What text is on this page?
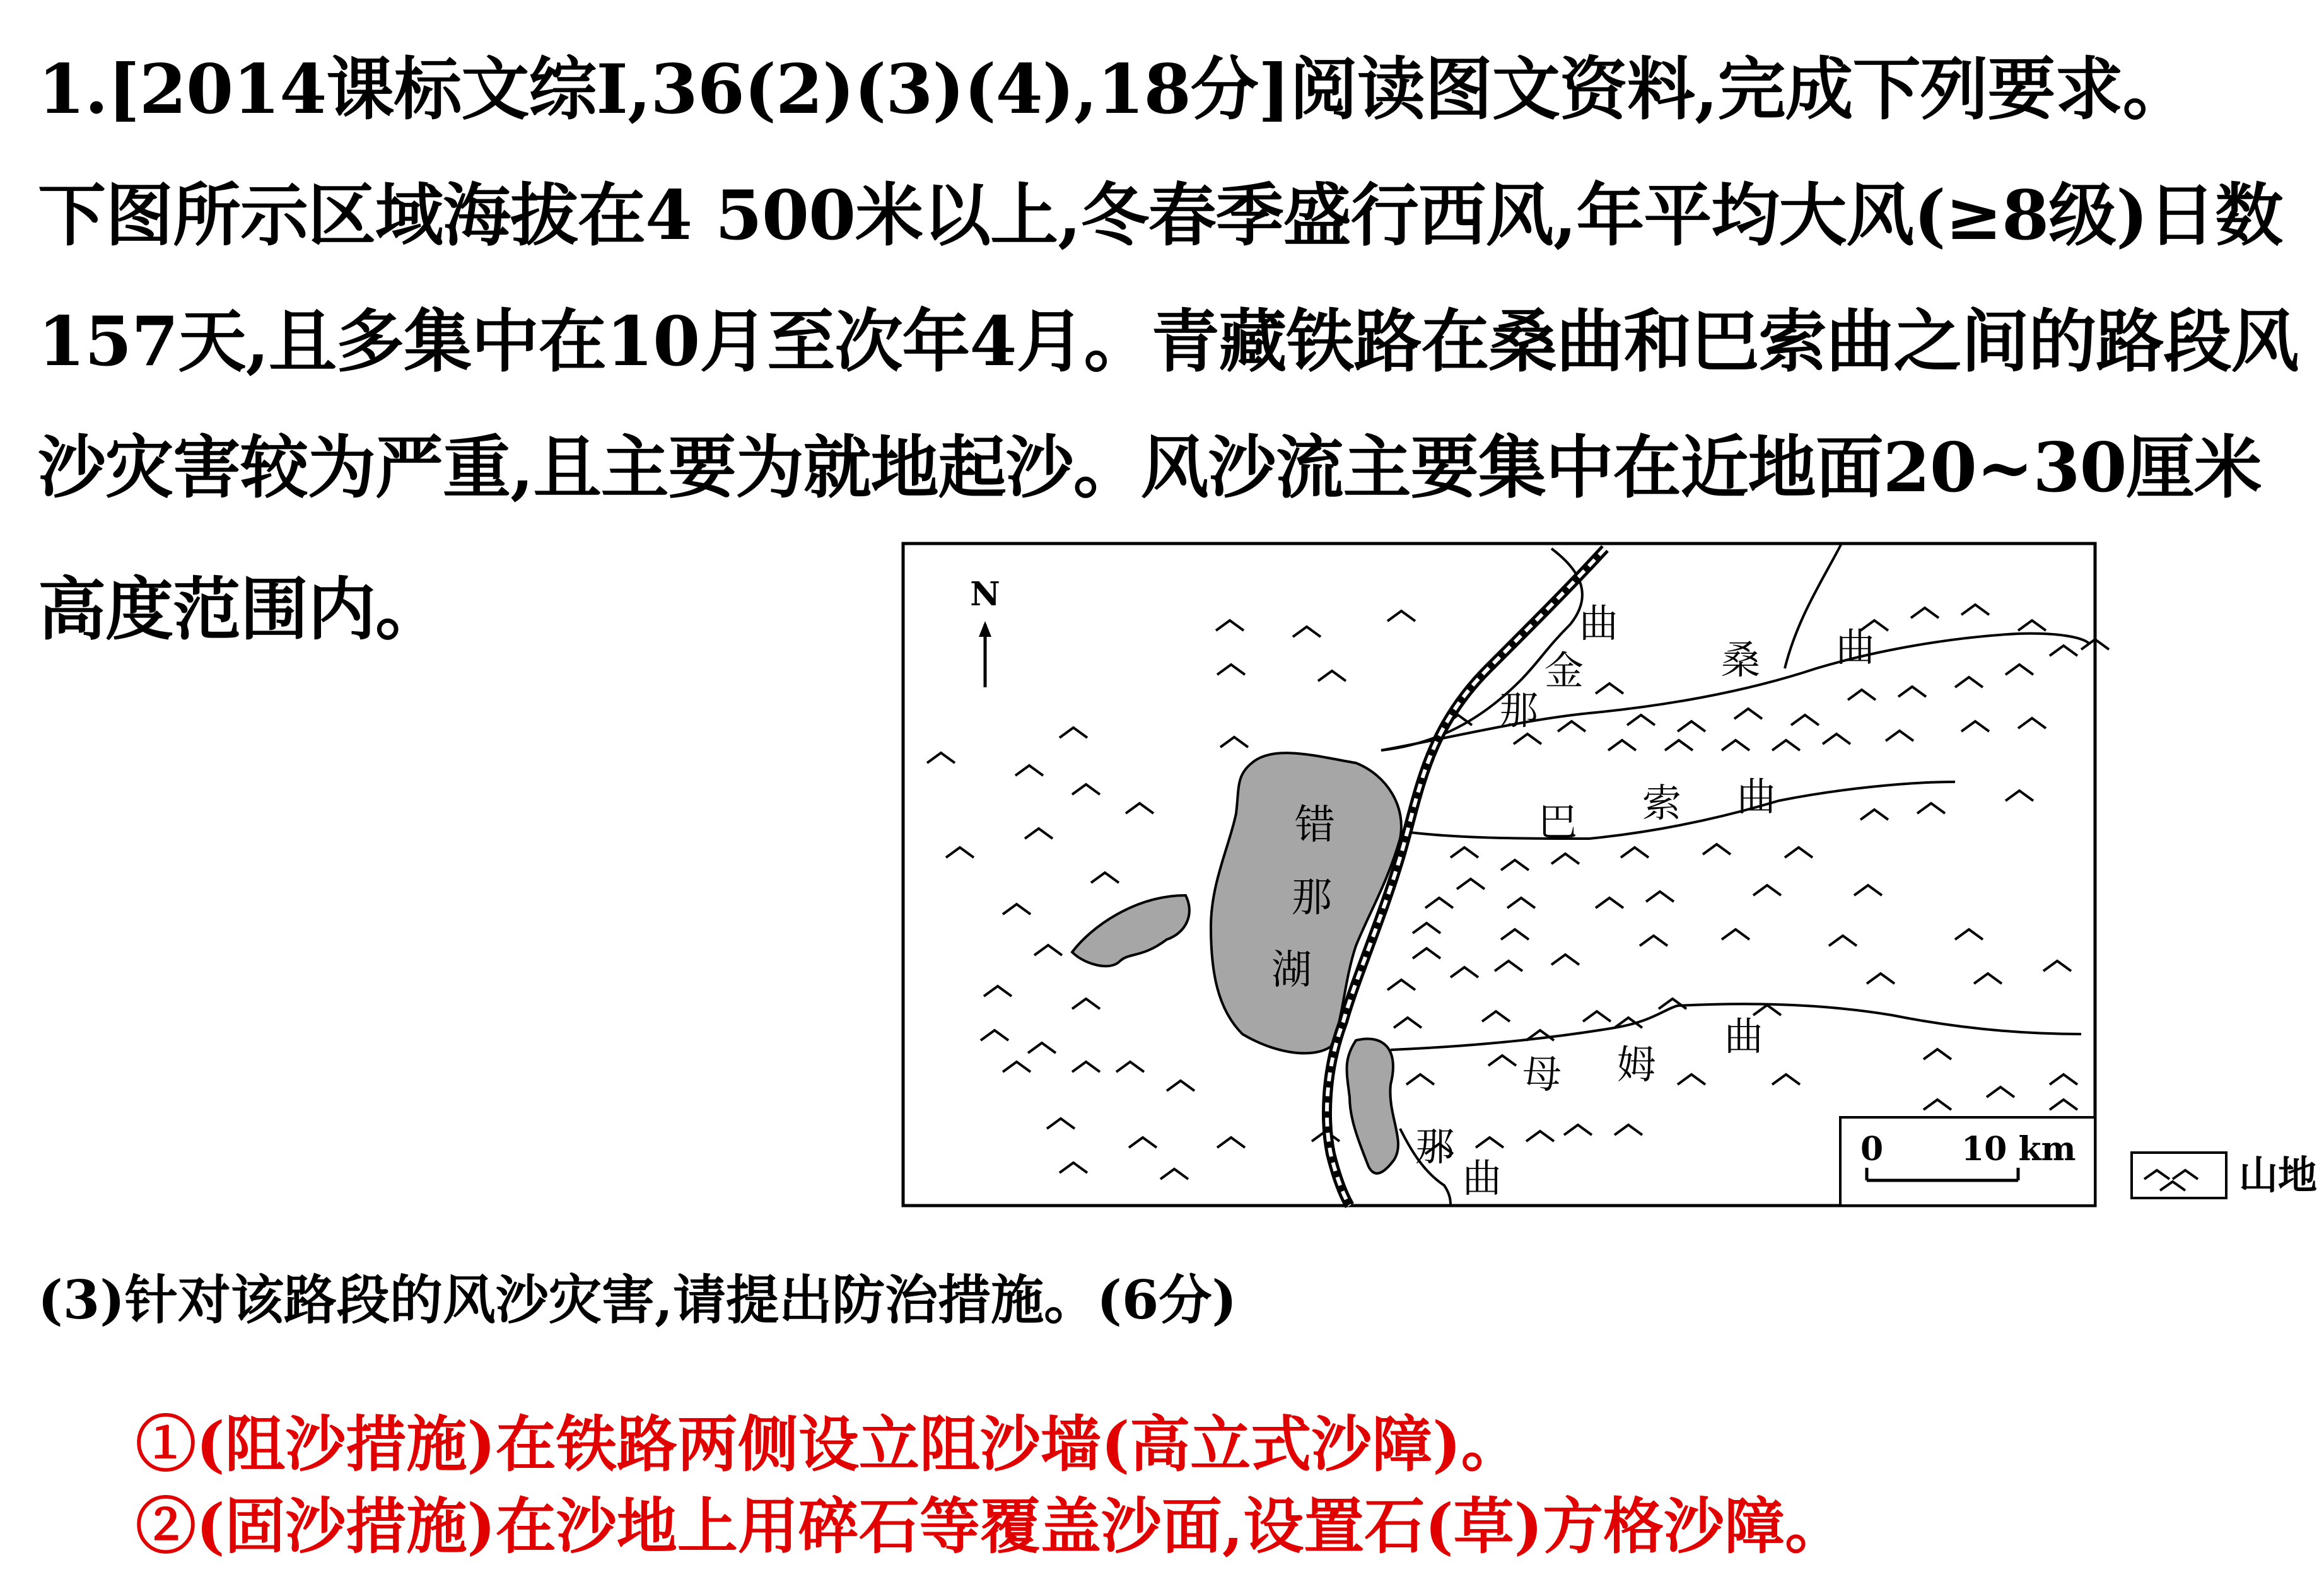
1.[2014课标文综Ⅰ,36(2)(3)(4),18分]阅读图文资料,完成下列要求。
下图所示区域海拔在4 500米以上,冬春季盛行西风,年平均大风(≥8级)日数
157天,且多集中在10月至次年4月。青藏铁路在桑曲和巴索曲之间的路段风
沙灾害较为严重,且主要为就地起沙。风沙流主要集中在近地面20~30厘米
高度范围内。	N
错
那
湖
曲
金
那
桑 曲
巴 索 曲
母 姆
曲
那
曲
0 10 km
山地
(3)针对该路段的风沙灾害,请提出防治措施。(6分)
①(阻沙措施)在铁路两侧设立阻沙墙(高立式沙障)。
②(固沙措施)在沙地上用碎石等覆盖沙面,设置石(草)方格沙障。
